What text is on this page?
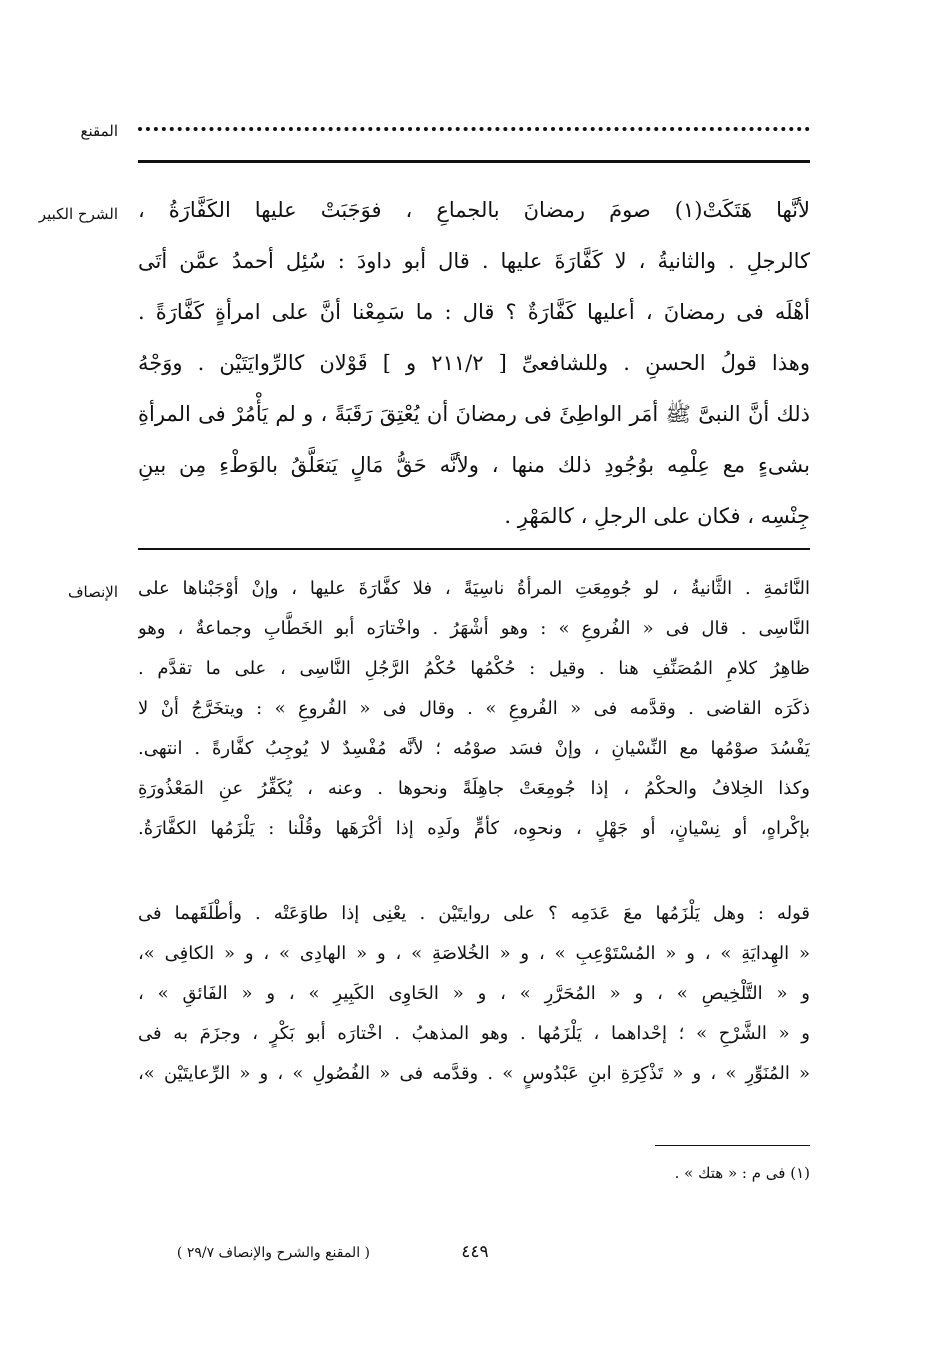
المقنع
الشرح الكبير لأنَّها هَتَكَتْ(١) صومَ رمضانَ بالجماعِ ، فوَجَبَتْ عليها الكَفَّارَةُ ،
كالرجلِ . والثانيةُ ، لا كَفَّارَةَ عليها . قال أبو داودَ : سُئِل أحمدُ عمَّن أتَى
أهْلَه فى رمضانَ ، أعليها كَفَّارَةٌ ؟ قال : ما سَمِعْنا أنَّ على امرأةٍ كَفَّارَةً .
وهذا قولُ الحسنِ . وللشافعىِّ [ ٢١١/٢ و ] قَوْلان كالرِّوايَتَيْن . ووَجْهُ
ذلك أنَّ النبىَّ ﷺ أمَر الواطِئَ فى رمضانَ أن يُعْتِقَ رَقَبَةً ، و لم يَأْمُرْ فى المرأةِ
بشىءٍ مع عِلْمِه بوُجُودِ ذلك منها ، ولأنَّه حَقُّ مَالٍ يَتعَلَّقُ بالوَطْءِ مِن بينِ
جِنْسِه ، فكان على الرجلِ ، كالمَهْرِ .
الإنصاف النَّائمةِ . الثَّانيةُ ، لو جُومِعَتِ المرأةُ ناسِيَةً ، فلا كفَّارَةَ عليها ، وإنْ أوْجَبْناها على
النَّاسِى . قال فى « الفُروعِ » : وهو أشْهَرُ . واخْتارَه أبو الخَطَّابِ وجماعةٌ ، وهو
ظاهِرُ كلامِ المُصَنِّفِ هنا . وقيل : حُكْمُها حُكْمُ الرَّجُلِ النَّاسِى ، على ما تقدَّم .
ذكَرَه القاضى . وقدَّمه فى « الفُروعِ » . وقال فى « الفُروعِ » : ويتخَرَّجُ أنْ لا
يَفْسُدَ صوْمُها مع النِّسْيانِ ، وإنْ فسَد صوْمُه ؛ لأنَّه مُفْسِدٌ لا يُوجِبُ كفَّارةً . انتهى.
وكذا الخِلافُ والحكْمُ ، إذا جُومِعَتْ جاهِلَةً ونحوها . وعنه ، يُكَفِّرُ عنِ المَعْذُورَةِ
بإكْراهٍ، أو نِسْيانٍ، أو جَهْلٍ ، ونحوِه، كأمٍّ ولَدِه إذا أكْرَهَها وقُلْنا : يَلْزَمُها الكفَّارَةُ.
قوله : وهل يَلْزَمُها معَ عَدَمِه ؟ على روايتَيْن . يعْنِى إذا طاوَعَتْه . وأطْلَقَهما فى
« الهِدايَةِ » ، و « المُسْتَوْعِبِ » ، و « الخُلاصَةِ » ، و « الهادِى » ، و « الكافِى »،
و « التَّلْخِيصِ » ، و « المُحَرَّرِ » ، و « الحَاوِى الكَبِيرِ » ، و « الفَائقِ » ،
و « الشَّرْحِ » ؛ إحْداهما ، يَلْزَمُها . وهو المذهبُ . اخْتارَه أبو بَكْرٍ ، وجزَمَ به فى
« المُنَوِّرِ » ، و « تَذْكِرَةِ ابنِ عَبْدُوسٍ » . وقدَّمه فى « الفُصُولِ » ، و « الرِّعايتَيْن »،
(١) فى م : « هتك » .
٤٤٩
( المقنع والشرح والإنصاف ٢٩/٧ )
